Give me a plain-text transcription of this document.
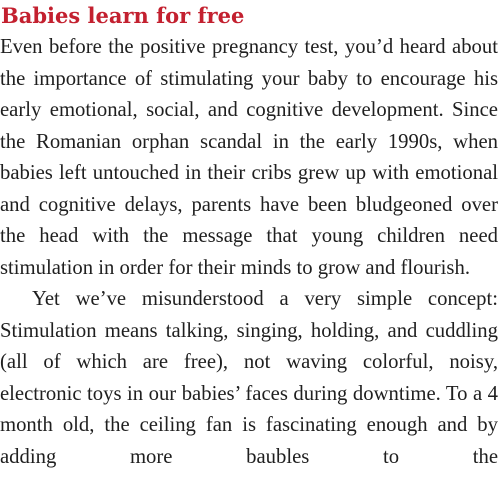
Babies learn for free

Even before the positive pregnancy test, you’d heard about the importance of stimulating your baby to encourage his early emotional, social, and cognitive development. Since the Romanian orphan scandal in the early 1990s, when babies left untouched in their cribs grew up with emotional and cognitive delays, parents have been bludgeoned over the head with the message that young children need stimulation in order for their minds to grow and flourish.

Yet we’ve misunderstood a very simple concept: Stimulation means talking, singing, holding, and cuddling (all of which are free), not waving colorful, noisy, electronic toys in our babies’ faces during downtime. To a 4 month old, the ceiling fan is fascinating enough and by adding more baubles to the
